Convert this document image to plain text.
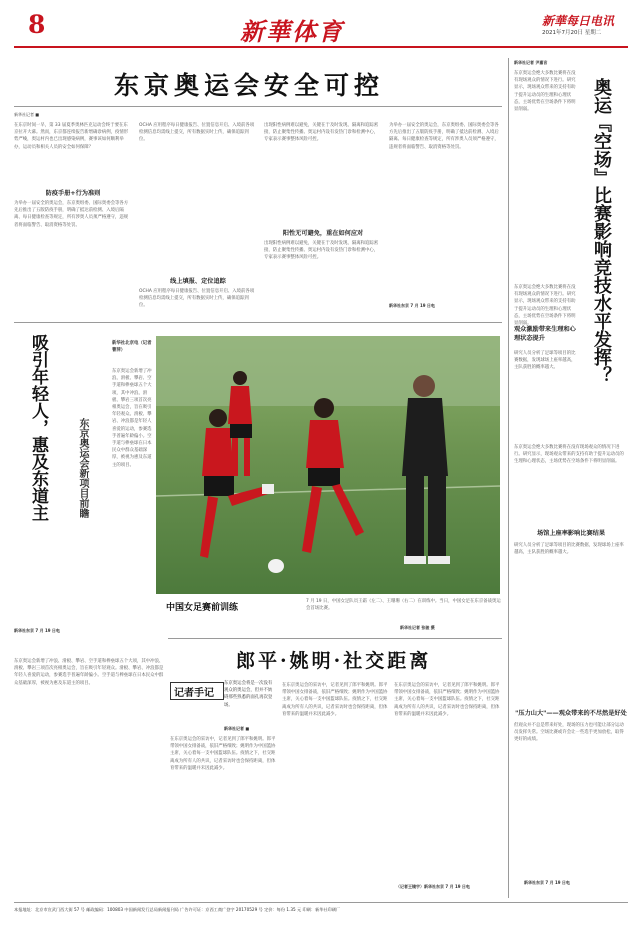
8	新華体育	新華每日电讯
2021年7月20日 星期二
东京奥运会安全可控
新华社记者 ■
在东京时间一早，第 33 届夏季奥林匹克运动会终于要在东京拉开大幕。然而，东京都连续报告新增确诊病例，疫情形势严峻，奥运村内也已出现感染病例，赛事该如何顺利举办，运动员和相关人员的安全如何保障？
防疫手册+行为准则
为举办一届安全的奥运会，东京奥组委、国际奥委会等各方先后推出了五版防疫手册，明确了抵达前检测、入境后隔离、每日健康检查等规定，所有涉奥人员须严格遵守，违规者将面临警告、取消资格等处罚。
OCHA 应用程序每日健康报告、位置信息开启、入境前各项检测信息均需线上提交，所有数据实时上传，确保追踪到位。
线上填报、定位追踪
OCHA 应用程序每日健康报告、位置信息开启、入境前各项检测信息均需线上提交，所有数据实时上传，确保追踪到位。
出现阳性病例难以避免，关键在于及时发现、隔离和追踪密接，防止聚集性传播。奥运村内设有发热门诊和检测中心，专家表示赛事整体风险可控。
阳性无可避免，重在如何应对
出现阳性病例难以避免，关键在于及时发现、隔离和追踪密接，防止聚集性传播。奥运村内设有发热门诊和检测中心，专家表示赛事整体风险可控。
为举办一届安全的奥运会，东京奥组委、国际奥委会等各方先后推出了五版防疫手册，明确了抵达前检测、入境后隔离、每日健康检查等规定，所有涉奥人员须严格遵守，违规者将面临警告、取消资格等处罚。
新华社东京 7 月 19 日电
吸引年轻人，惠及东道主	东京奥运会新项目前瞻
新华社东京 7 月 19 日电
新华社北京电（记者 曹萍）
东京奥运会新增了冲浪、滑板、攀岩、空手道和棒垒球五个大项，其中冲浪、滑板、攀岩三项首次亮相奥运会，旨在吸引年轻观众。滑板、攀岩、冲浪都是年轻人喜爱的运动，参赛选手普遍年龄偏小。空手道与棒垒球在日本民众中群众基础深厚，被视为惠及东道主的项目。
中国女足赛前训练
7 月 19 日，中国女足队员王霜（左二）、王珊珊（右二）在训练中。当日，中国女足在东京备战奥运会首场比赛。
新华社记者 张骏 摄
东京奥运会新增了冲浪、滑板、攀岩、空手道和棒垒球五个大项，其中冲浪、滑板、攀岩三项首次亮相奥运会，旨在吸引年轻观众。滑板、攀岩、冲浪都是年轻人喜爱的运动，参赛选手普遍年龄偏小。空手道与棒垒球在日本民众中群众基础深厚，被视为惠及东道主的项目。
郎平·姚明·社交距离
记者手记
东京奥运会将是一次没有观众的奥运会，但并不妨碍那些熟悉的面孔再次登场。
新华社记者 ■
在东京奥运会的采访中，记者见到了郎平和姚明。郎平带领中国女排备战，依旧严格细致；姚明作为中国篮协主席，关心着每一支中国篮球队伍。疫情之下，社交距离成为所有人的共识，记者采访时也会保持距离，但体育带来的温暖并未因此减少。
在东京奥运会的采访中，记者见到了郎平和姚明。郎平带领中国女排备战，依旧严格细致；姚明作为中国篮协主席，关心着每一支中国篮球队伍。疫情之下，社交距离成为所有人的共识，记者采访时也会保持距离，但体育带来的温暖并未因此减少。
在东京奥运会的采访中，记者见到了郎平和姚明。郎平带领中国女排备战，依旧严格细致；姚明作为中国篮协主席，关心着每一支中国篮球队伍。疫情之下，社交距离成为所有人的共识，记者采访时也会保持距离，但体育带来的温暖并未因此减少。
（记者王镜宇）新华社东京 7 月 19 日电
新华社记者 尹嘉言
东京奥运会绝大多数比赛将在没有现场观众的情况下进行。研究显示，现场观众带来的支持有助于提升运动员的生理和心理状态，主场优势在空场条件下将明显削弱。	奥运『空场』比赛影响竞技水平发挥？
东京奥运会绝大多数比赛将在没有现场观众的情况下进行。研究显示，现场观众带来的支持有助于提升运动员的生理和心理状态，主场优势在空场条件下将明显削弱。
观众激励带来生理和心理状态提升
研究人员分析了足球等项目的比赛数据，发现球场上座率越高，主队获胜的概率越大。
东京奥运会绝大多数比赛将在没有现场观众的情况下进行。研究显示，现场观众带来的支持有助于提升运动员的生理和心理状态，主场优势在空场条件下将明显削弱。
场馆上座率影响比赛结果
研究人员分析了足球等项目的比赛数据，发现球场上座率越高，主队获胜的概率越大。
"压力山大"——观众带来的不尽然是好处
但观众并不总是带来好处，现场的压力也可能让部分运动员发挥失常。空场比赛或许会让一些选手更加放松，取得更好的成绩。
新华社东京 7 月 19 日电
本报地址：北京市宣武门西大街 57 号 邮政编码：100803 中国新闻发行总局新闻报刊局 广告许可证：京西工商广登字 20170529 号 定价：每份 1.35 元 印刷：新华社印刷厂
